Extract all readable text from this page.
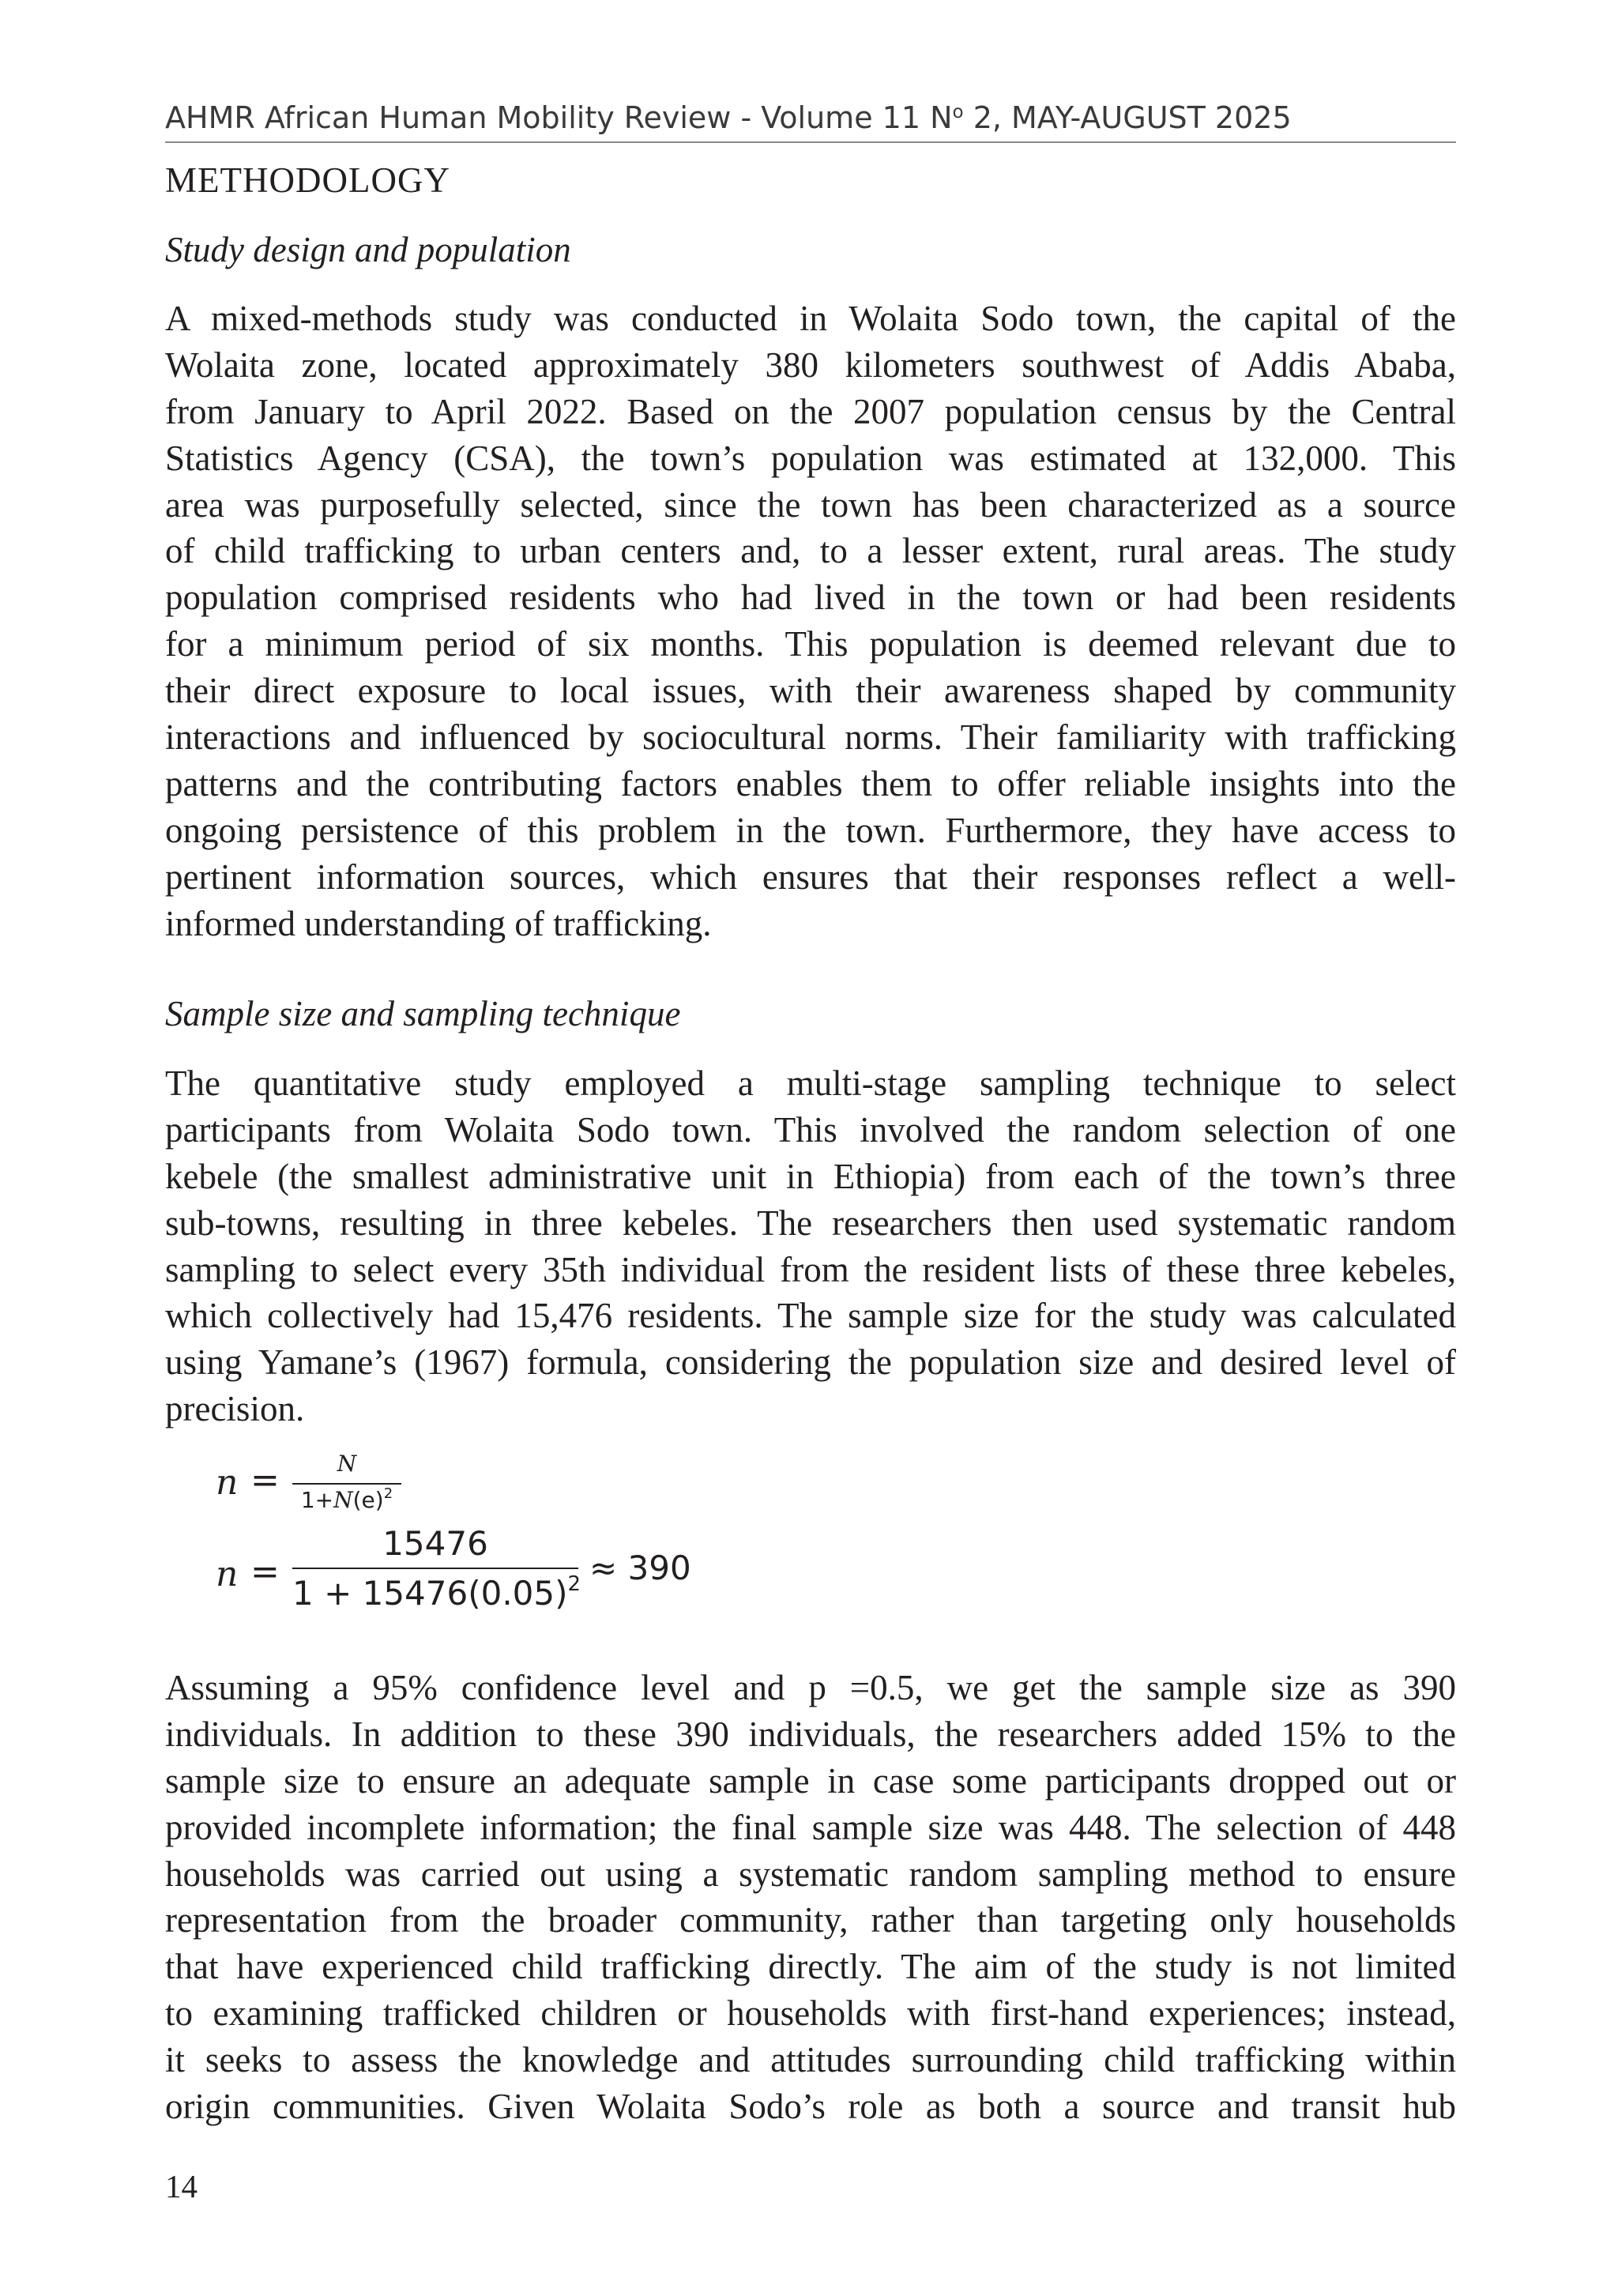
AHMR African Human Mobility Review - Volume 11 $N^o$ 2, MAY-AUGUST 2025
METHODOLOGY
Study design and population
A mixed-methods study was conducted in Wolaita Sodo town, the capital of the
Wolaita zone, located approximately 380 kilometers southwest of Addis Ababa,
from January to April 2022. Based on the 2007 population census by the Central
Statistics Agency (CSA), the town’s population was estimated at 132,000. This
area was purposefully selected, since the town has been characterized as a source
of child trafficking to urban centers and, to a lesser extent, rural areas. The study
population comprised residents who had lived in the town or had been residents
for a minimum period of six months. This population is deemed relevant due to
their direct exposure to local issues, with their awareness shaped by community
interactions and influenced by sociocultural norms. Their familiarity with trafficking
patterns and the contributing factors enables them to offer reliable insights into the
ongoing persistence of this problem in the town. Furthermore, they have access to
pertinent information sources, which ensures that their responses reflect a well-
informed understanding of trafficking.
Sample size and sampling technique
The quantitative study employed a multi-stage sampling technique to select
participants from Wolaita Sodo town. This involved the random selection of one
kebele (the smallest administrative unit in Ethiopia) from each of the town’s three
sub-towns, resulting in three kebeles. The researchers then used systematic random
sampling to select every 35th individual from the resident lists of these three kebeles,
which collectively had 15,476 residents. The sample size for the study was calculated
using Yamane’s (1967) formula, considering the population size and desired level of
precision.
n =	N
$1+N(e)^2$
n =
15476
$1 + 15476(0.05)^2 \approx 390$
Assuming a 95% confidence level and p =0.5, we get the sample size as 390
individuals. In addition to these 390 individuals, the researchers added 15% to the
sample size to ensure an adequate sample in case some participants dropped out or
provided incomplete information; the final sample size was 448. The selection of 448
households was carried out using a systematic random sampling method to ensure
representation from the broader community, rather than targeting only households
that have experienced child trafficking directly. The aim of the study is not limited
to examining trafficked children or households with first-hand experiences; instead,
it seeks to assess the knowledge and attitudes surrounding child trafficking within
origin communities. Given Wolaita Sodo’s role as both a source and transit hub
14
